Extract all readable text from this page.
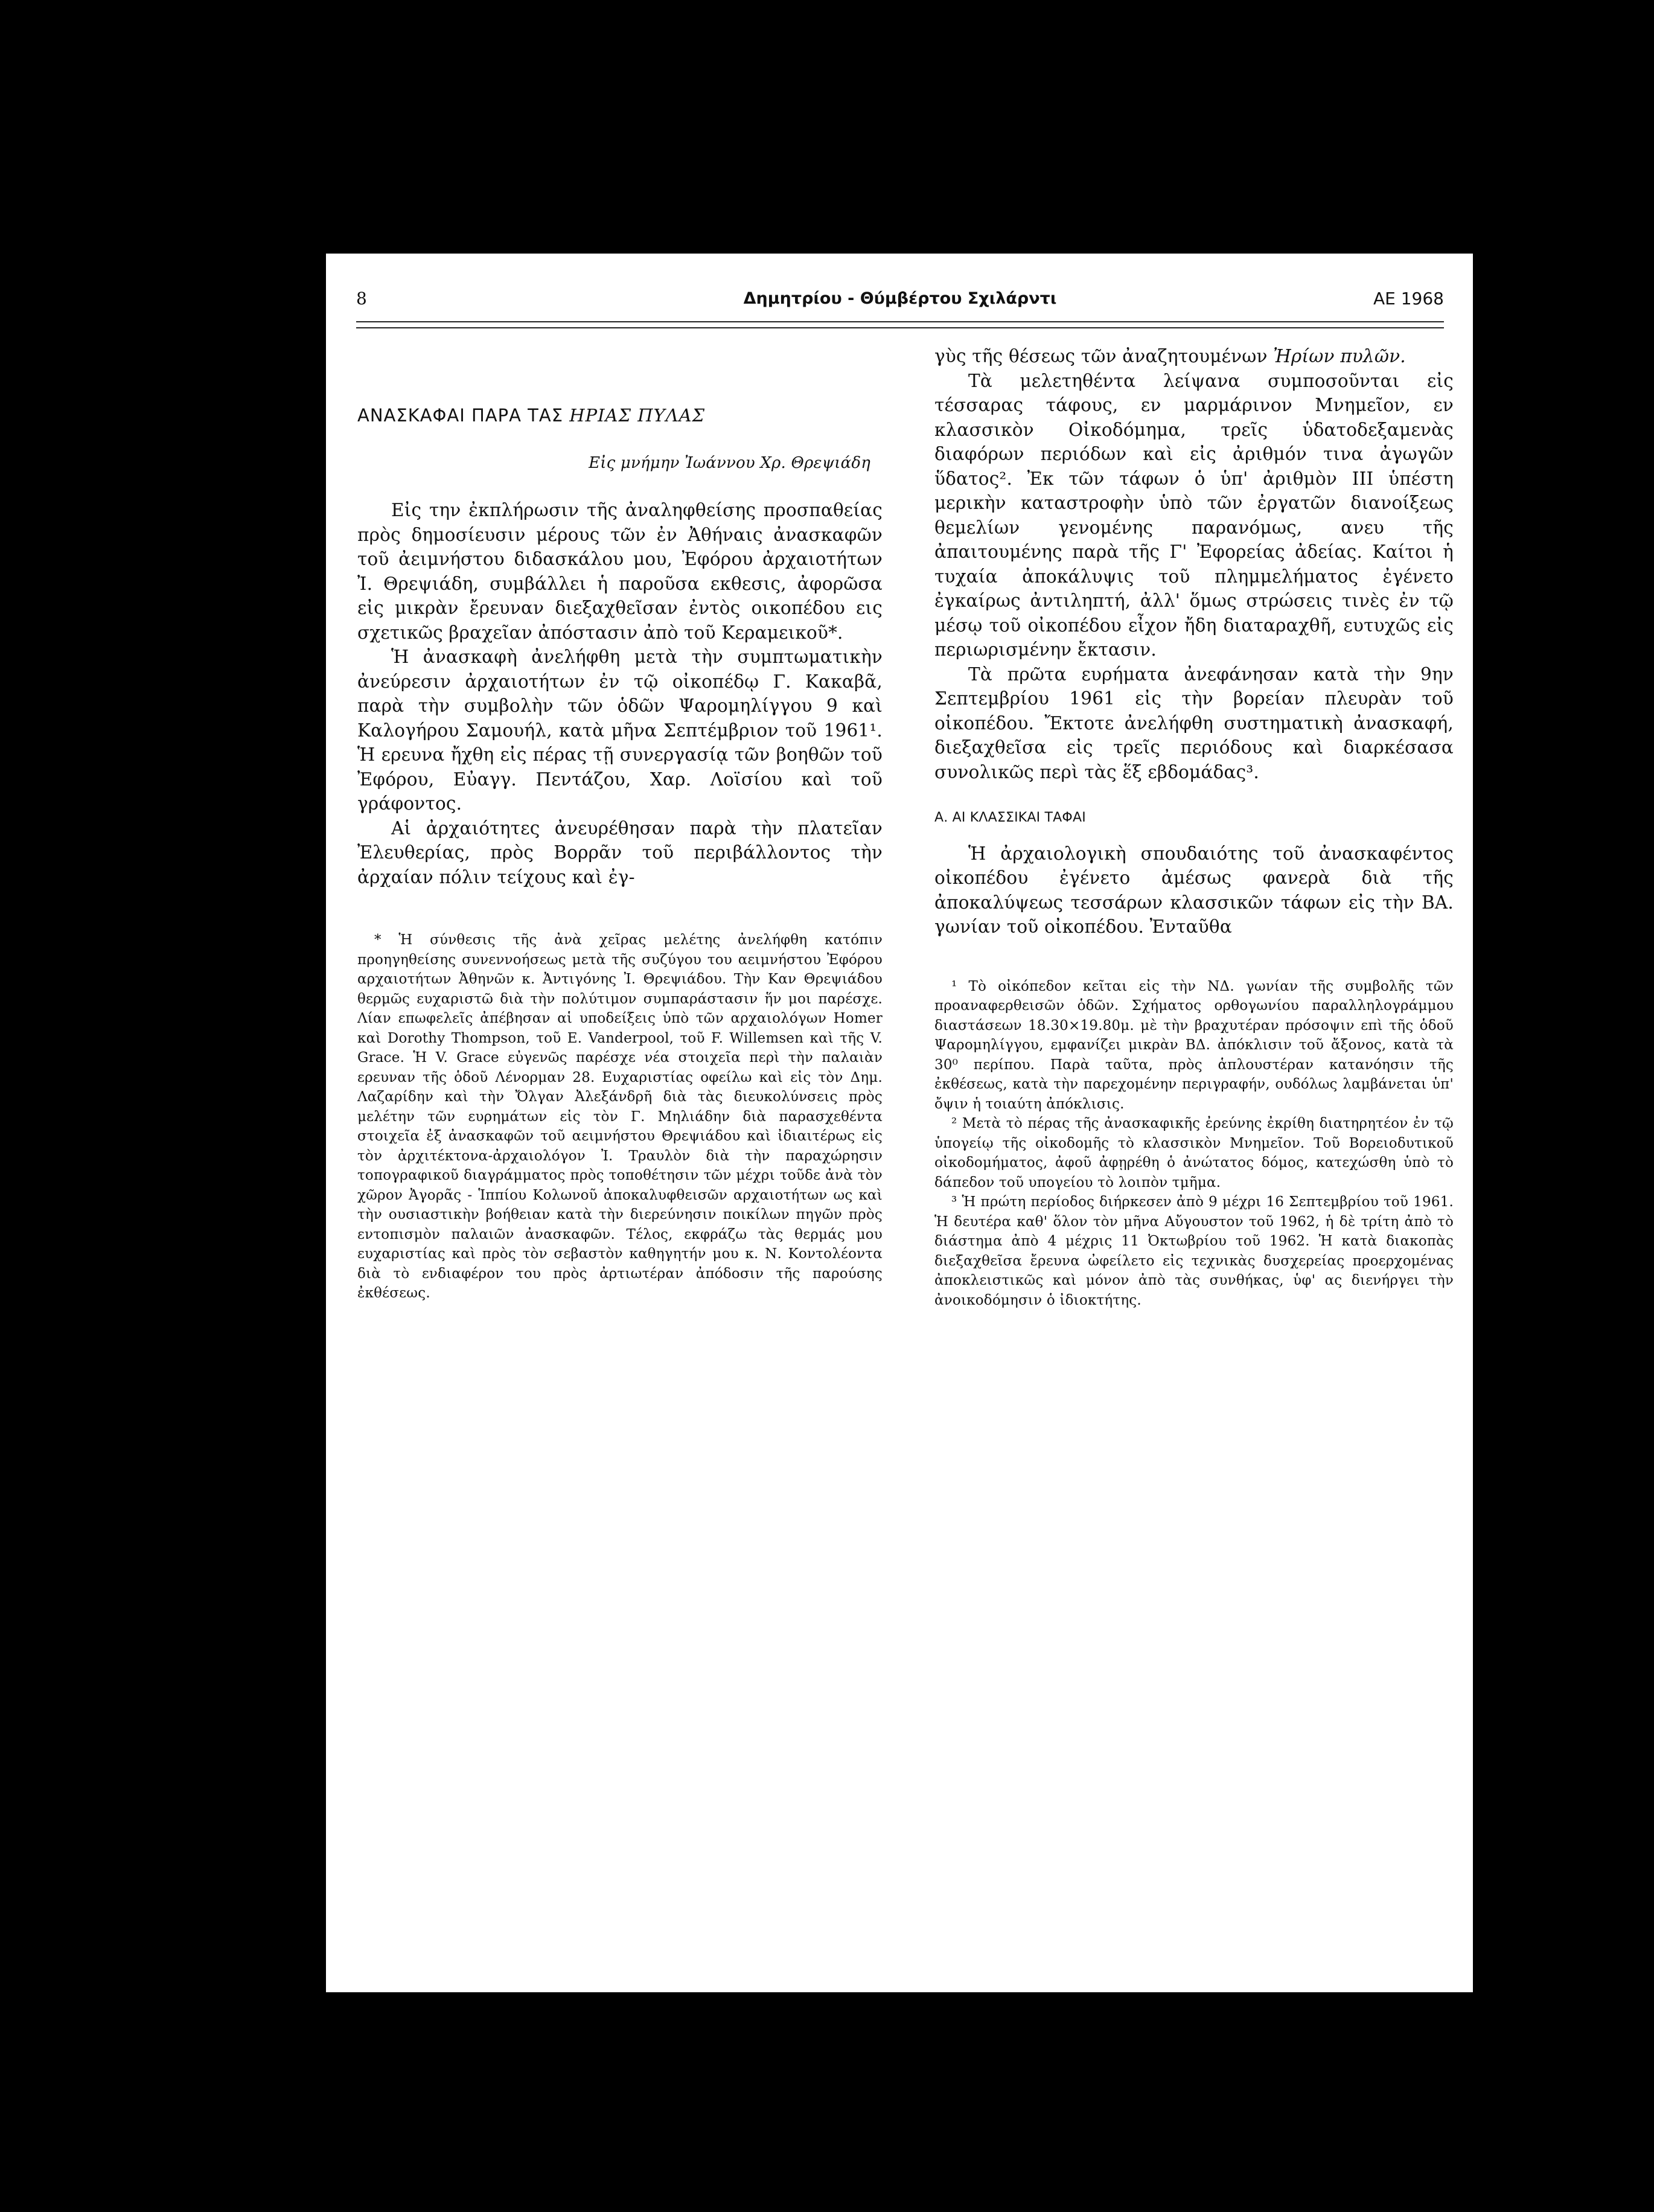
8	Δημητρίου - Θύμβέρτου Σχιλάρντι	ΑΕ 1968

ΑΝΑΣΚΑΦΑΙ ΠΑΡΑ ΤΑΣ ΗΡΙΑΣ ΠΥΛΑΣ

Εἰς μνήμην Ἰωάννου Χρ. Θρεψιάδη

Εἰς την ἐκπλήρωσιν τῆς ἀναληφθείσης προσπαθείας πρὸς δημοσίευσιν μέρους τῶν ἐν Ἀθήναις ἀνασκαφῶν τοῦ ἀειμνήστου διδασκάλου μου, Ἐφόρου ἀρχαιοτήτων Ἰ. Θρεψιάδη, συμβάλλει ἡ παροῦσα εκθεσις, ἀφορῶσα εἰς μικρὰν ἔρευναν διεξαχθεῖσαν ἐντὸς οικοπέδου εις σχετικῶς βραχεῖαν ἀπόστασιν ἀπὸ τοῦ Κεραμεικοῦ*.

Ἡ ἀνασκαφὴ ἀνελήφθη μετὰ τὴν συμπτωματικὴν ἀνεύρεσιν ἀρχαιοτήτων ἐν τῷ οἰκοπέδῳ Γ. Κακαβᾶ, παρὰ τὴν συμβολὴν τῶν ὁδῶν Ψαρομηλίγγου 9 καὶ Καλογήρου Σαμουήλ, κατὰ μῆνα Σεπτέμβριον τοῦ 1961¹. Ἡ ερευνα ἤχθη εἰς πέρας τῇ συνεργασίᾳ τῶν βοηθῶν τοῦ Ἐφόρου, Εὐαγγ. Πεντάζου, Χαρ. Λοϊσίου καὶ τοῦ γράφοντος.

Αἱ ἀρχαιότητες ἀνευρέθησαν παρὰ τὴν πλατεῖαν Ἐλευθερίας, πρὸς Βορρᾶν τοῦ περιβάλλοντος τὴν ἀρχαίαν πόλιν τείχους καὶ ἐγ-

* Ἡ σύνθεσις τῆς ἀνὰ χεῖρας μελέτης ἀνελήφθη κατόπιν προηγηθείσης συνεννοήσεως μετὰ τῆς συζύγου του αειμνήστου Ἐφόρου αρχαιοτήτων Ἀθηνῶν κ. Ἀντιγόνης Ἰ. Θρεψιάδου. Τὴν Καν Θρεψιάδου θερμῶς ευχαριστῶ διὰ τὴν πολύτιμον συμπαράστασιν ἥν μοι παρέσχε. Λίαν επωφελεῖς ἀπέβησαν αἱ υποδείξεις ὑπὸ τῶν αρχαιολόγων Homer καὶ Dorothy Thompson, τοῦ E. Vanderpool, τοῦ F. Willemsen καὶ τῆς V. Grace. Ἡ V. Grace εὐγενῶς παρέσχε νέα στοιχεῖα περὶ τὴν παλαιὰν ερευναν τῆς ὁδοῦ Λένορμαν 28. Ευχαριστίας οφείλω καὶ εἰς τὸν Δημ. Λαζαρίδην καὶ τὴν Ὄλγαν Ἀλεξάνδρῆ διὰ τὰς διευκολύνσεις πρὸς μελέτην τῶν ευρημάτων εἰς τὸν Γ. Μηλιάδην διὰ παρασχεθέντα στοιχεῖα ἐξ ἀνασκαφῶν τοῦ αειμνήστου Θρεψιάδου καὶ ἰδιαιτέρως εἰς τὸν ἀρχιτέκτονα-ἀρχαιολόγον Ἰ. Τραυλὸν διὰ τὴν παραχώρησιν τοπογραφικοῦ διαγράμματος πρὸς τοποθέτησιν τῶν μέχρι τοῦδε ἀνὰ τὸν χῶρον Ἀγορᾶς - Ἱππίου Κολωνοῦ ἀποκαλυφθεισῶν αρχαιοτήτων ως καὶ τὴν ουσιαστικὴν βοήθειαν κατὰ τὴν διερεύνησιν ποικίλων πηγῶν πρὸς εντοπισμὸν παλαιῶν ἀνασκαφῶν. Τέλος, εκφράζω τὰς θερμάς μου ευχαριστίας καὶ πρὸς τὸν σεβαστὸν καθηγητήν μου κ. Ν. Κοντολέοντα διὰ τὸ ενδιαφέρον του πρὸς ἀρτιωτέραν ἀπόδοσιν τῆς παρούσης ἐκθέσεως.

γὺς τῆς θέσεως τῶν ἀναζητουμένων Ἠρίων πυλῶν.

Τὰ μελετηθέντα λείψανα συμποσοῦνται εἰς τέσσαρας τάφους, εν μαρμάρινον Μνημεῖον, εν κλασσικὸν Οἰκοδόμημα, τρεῖς ὑδατοδεξαμενὰς διαφόρων περιόδων καὶ εἰς ἀριθμόν τινα ἀγωγῶν ὕδατος². Ἐκ τῶν τάφων ὁ ὑπ' ἀριθμὸν III ὑπέστη μερικὴν καταστροφὴν ὑπὸ τῶν ἐργατῶν διανοίξεως θεμελίων γενομένης παρανόμως, ανευ τῆς ἀπαιτουμένης παρὰ τῆς Γ' Ἐφορείας ἀδείας. Καίτοι ἡ τυχαία ἀποκάλυψις τοῦ πλημμελήματος ἐγένετο ἐγκαίρως ἀντιληπτή, ἀλλ' ὅμως στρώσεις τινὲς ἐν τῷ μέσῳ τοῦ οἰκοπέδου εἶχον ἤδη διαταραχθῆ, ευτυχῶς εἰς περιωρισμένην ἔκτασιν.

Τὰ πρῶτα ευρήματα ἀνεφάνησαν κατὰ τὴν 9ην Σεπτεμβρίου 1961 εἰς τὴν βορείαν πλευρὰν τοῦ οἰκοπέδου. Ἔκτοτε ἀνελήφθη συστηματικὴ ἀνασκαφή, διεξαχθεῖσα εἰς τρεῖς περιόδους καὶ διαρκέσασα συνολικῶς περὶ τὰς ἕξ εβδομάδας³.

Α. ΑΙ ΚΛΑΣΣΙΚΑΙ ΤΑΦΑΙ

Ἡ ἀρχαιολογικὴ σπουδαιότης τοῦ ἀνασκαφέντος οἰκοπέδου ἐγένετο ἀμέσως φανερὰ διὰ τῆς ἀποκαλύψεως τεσσάρων κλασσικῶν τάφων εἰς τὴν ΒΑ. γωνίαν τοῦ οἰκοπέδου. Ἐνταῦθα

¹ Τὸ οἰκόπεδον κεῖται εἰς τὴν ΝΔ. γωνίαν τῆς συμβολῆς τῶν προαναφερθεισῶν ὁδῶν. Σχήματος ορθογωνίου παραλληλογράμμου διαστάσεων 18.30×19.80μ. μὲ τὴν βραχυτέραν πρόσοψιν επὶ τῆς ὁδοῦ Ψαρομηλίγγου, εμφανίζει μικρὰν ΒΔ. ἀπόκλισιν τοῦ ἄξονος, κατὰ τὰ 30⁰ περίπου. Παρὰ ταῦτα, πρὸς ἁπλουστέραν κατανόησιν τῆς ἐκθέσεως, κατὰ τὴν παρεχομένην περιγραφήν, ουδόλως λαμβάνεται ὑπ' ὄψιν ἡ τοιαύτη ἀπόκλισις.

² Μετὰ τὸ πέρας τῆς ἀνασκαφικῆς ἐρεύνης ἐκρίθη διατηρητέον ἐν τῷ ὑπογείῳ τῆς οἰκοδομῆς τὸ κλασσικὸν Μνημεῖον. Τοῦ Βορειοδυτικοῦ οἰκοδομήματος, ἀφοῦ ἀφῃρέθη ὁ ἀνώτατος δόμος, κατεχώσθη ὑπὸ τὸ δάπεδον τοῦ υπογείου τὸ λοιπὸν τμῆμα.

³ Ἡ πρώτη περίοδος διήρκεσεν ἀπὸ 9 μέχρι 16 Σεπτεμβρίου τοῦ 1961. Ἡ δευτέρα καθ' ὅλον τὸν μῆνα Αὔγουστον τοῦ 1962, ἡ δὲ τρίτη ἀπὸ τὸ διάστημα ἀπὸ 4 μέχρις 11 Ὀκτωβρίου τοῦ 1962. Ἡ κατὰ διακοπὰς διεξαχθεῖσα ἔρευνα ὠφείλετο εἰς τεχνικὰς δυσχερείας προερχομένας ἀποκλειστικῶς καὶ μόνον ἀπὸ τὰς συνθήκας, ὑφ' ας διενήργει τὴν ἀνοικοδόμησιν ὁ ἰδιοκτήτης.
